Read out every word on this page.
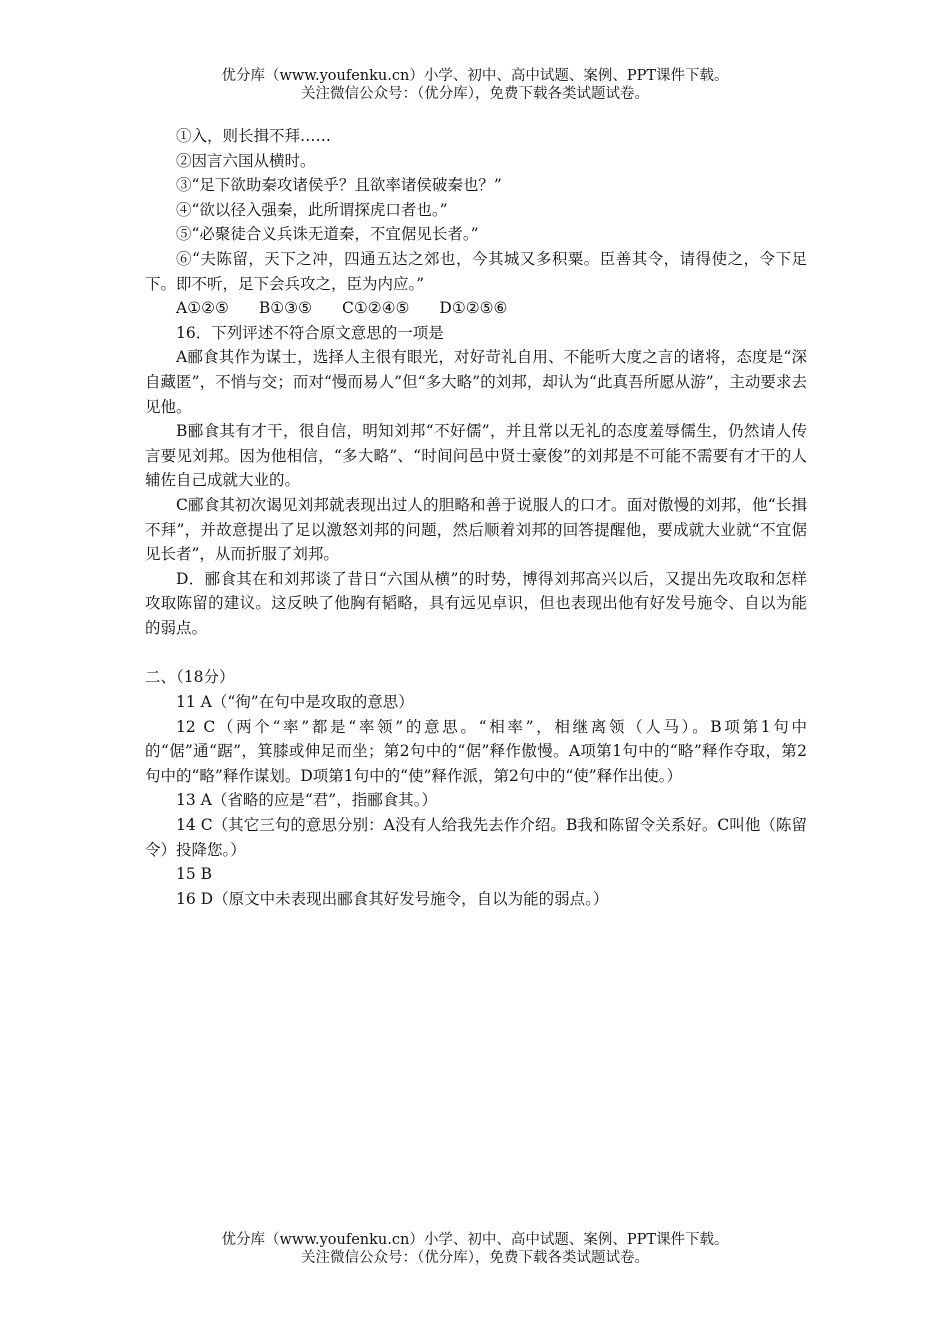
优分库（www.youfenku.cn）小学、初中、高中试题、案例、PPT课件下载。
关注微信公众号：（优分库），免费下载各类试题试卷。

①入，则长揖不拜……

②因言六国从横时。

③“足下欲助秦攻诸侯乎？且欲率诸侯破秦也？”

④“欲以径入强秦，此所谓探虎口者也。”

⑤“必聚徒合义兵诛无道秦，不宜倨见长者。”

⑥“夫陈留，天下之冲，四通五达之郊也，今其城又多积粟。臣善其令，请得使之，令下足下。即不听，足下会兵攻之，臣为内应。”

A①②⑤ B①③⑤ C①②④⑤ D①②⑤⑥

16．下列评述不符合原文意思的一项是

A郦食其作为谋士，选择人主很有眼光，对好苛礼自用、不能听大度之言的诸将，态度是“深自藏匿”，不悄与交；而对“慢而易人”但“多大略”的刘邦，却认为“此真吾所愿从游”，主动要求去见他。

B郦食其有才干，很自信，明知刘邦“不好儒”，并且常以无礼的态度羞辱儒生，仍然请人传言要见刘邦。因为他相信，“多大略”、“时间问邑中贤士豪俊”的刘邦是不可能不需要有才干的人辅佐自己成就大业的。

C郦食其初次谒见刘邦就表现出过人的胆略和善于说服人的口才。面对傲慢的刘邦，他“长揖不拜”，并故意提出了足以激怒刘邦的问题，然后顺着刘邦的回答提醒他，要成就大业就“不宜倨见长者”，从而折服了刘邦。

D．郦食其在和刘邦谈了昔日“六国从横”的时势，博得刘邦高兴以后，又提出先攻取和怎样攻取陈留的建议。这反映了他胸有韬略，具有远见卓识，但也表现出他有好发号施令、自以为能的弱点。

二、（18分）

11 A（“徇”在句中是攻取的意思）

12 C（两个“率”都是“率领”的意思。“相率”，相继离领（人马）。B项第1句中的“倨”通“踞”，箕膝或伸足而坐；第2句中的“倨”释作傲慢。A项第1句中的“略”释作夺取，第2句中的“略”释作谋划。D项第1句中的“使”释作派，第2句中的“使”释作出使。）

13 A（省略的应是“君”，指郦食其。）

14 C（其它三句的意思分别：A没有人给我先去作介绍。B我和陈留令关系好。C叫他（陈留令）投降您。）

15 B

16 D（原文中未表现出郦食其好发号施令，自以为能的弱点。）

优分库（www.youfenku.cn）小学、初中、高中试题、案例、PPT课件下载。
关注微信公众号：（优分库），免费下载各类试题试卷。
